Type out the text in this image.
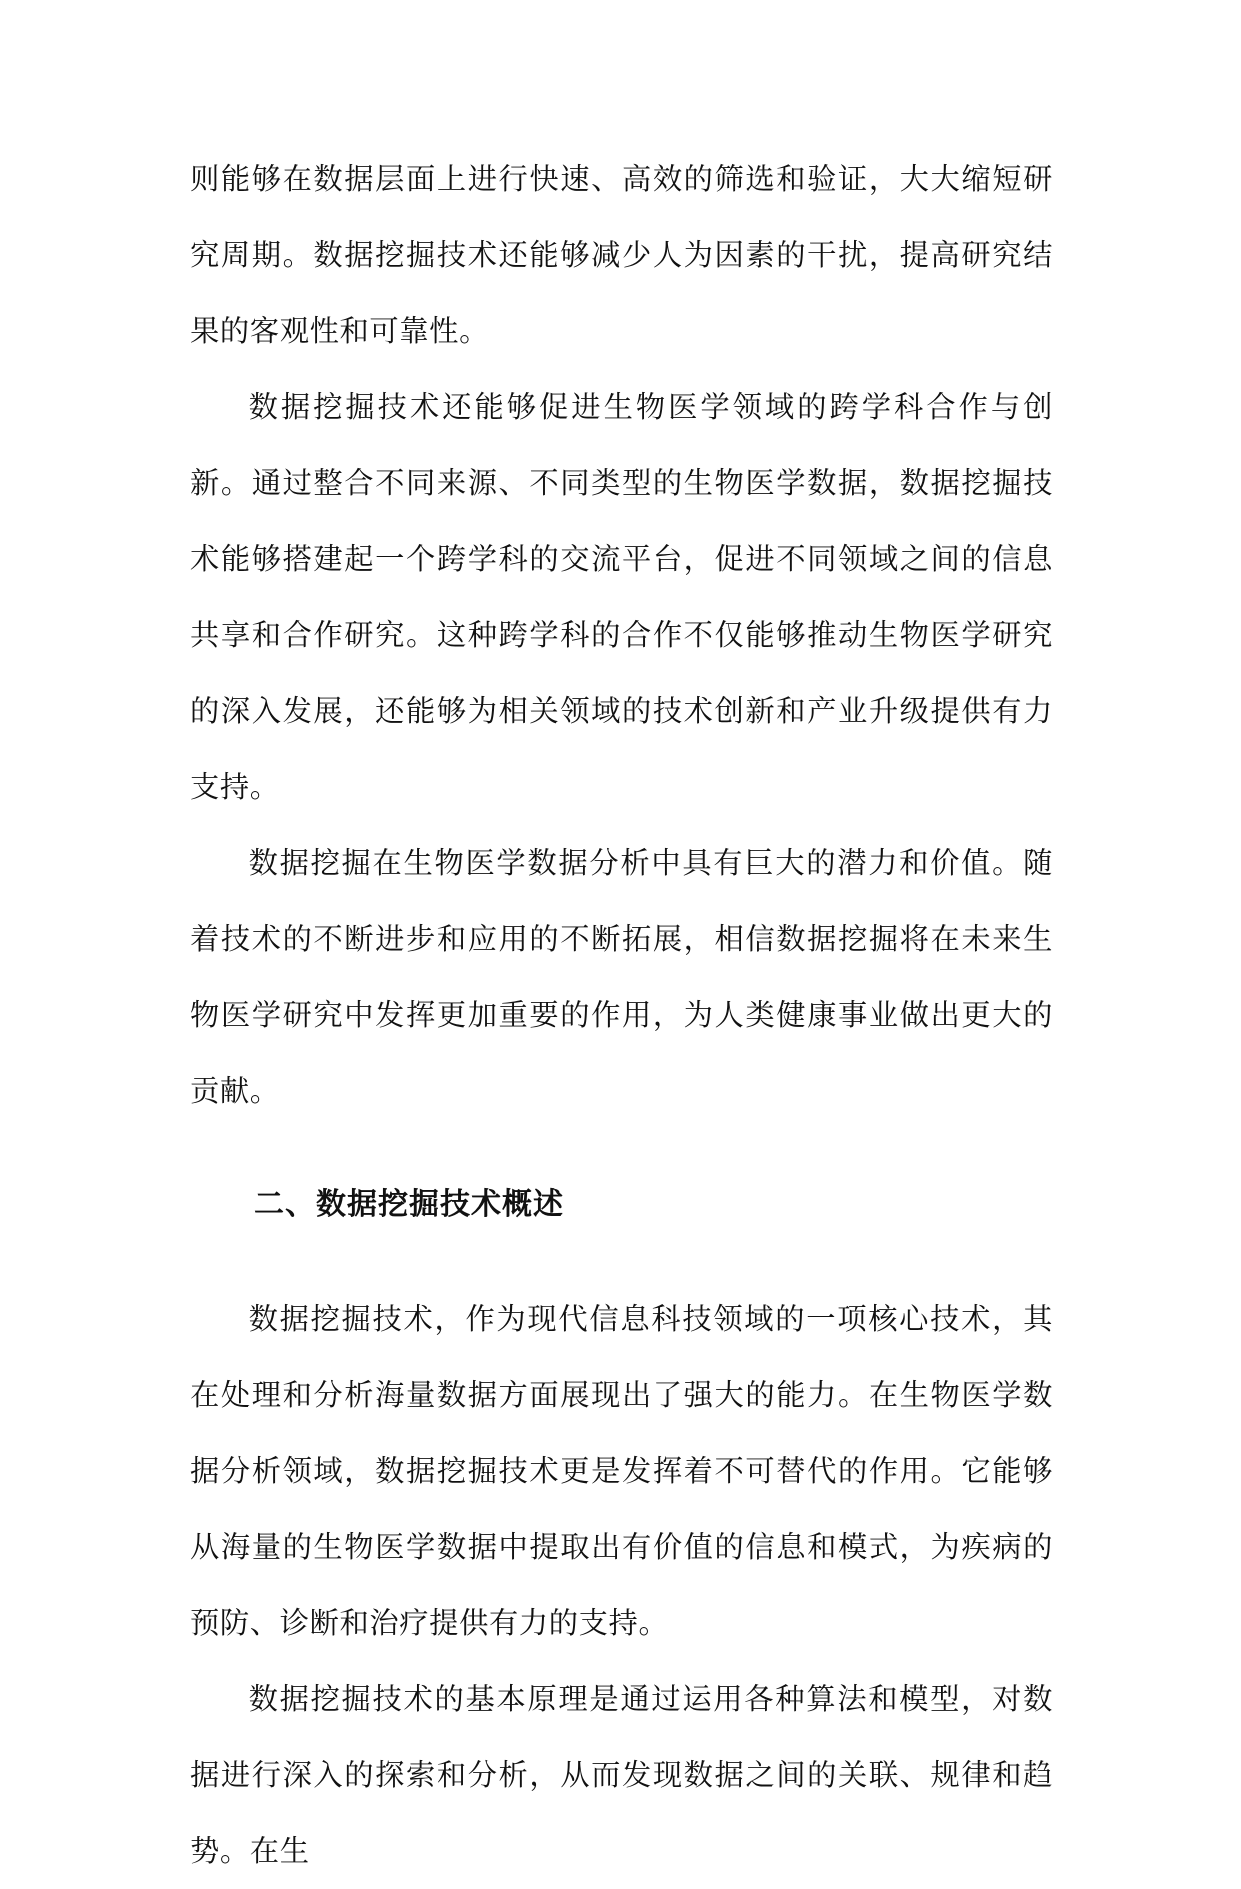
则能够在数据层面上进行快速、高效的筛选和验证，大大缩短研究周期。数据挖掘技术还能够减少人为因素的干扰，提高研究结果的客观性和可靠性。

数据挖掘技术还能够促进生物医学领域的跨学科合作与创新。通过整合不同来源、不同类型的生物医学数据，数据挖掘技术能够搭建起一个跨学科的交流平台，促进不同领域之间的信息共享和合作研究。这种跨学科的合作不仅能够推动生物医学研究的深入发展，还能够为相关领域的技术创新和产业升级提供有力支持。

数据挖掘在生物医学数据分析中具有巨大的潜力和价值。随着技术的不断进步和应用的不断拓展，相信数据挖掘将在未来生物医学研究中发挥更加重要的作用，为人类健康事业做出更大的贡献。

二、数据挖掘技术概述

数据挖掘技术，作为现代信息科技领域的一项核心技术，其在处理和分析海量数据方面展现出了强大的能力。在生物医学数据分析领域，数据挖掘技术更是发挥着不可替代的作用。它能够从海量的生物医学数据中提取出有价值的信息和模式，为疾病的预防、诊断和治疗提供有力的支持。

数据挖掘技术的基本原理是通过运用各种算法和模型，对数据进行深入的探索和分析，从而发现数据之间的关联、规律和趋势。在生
